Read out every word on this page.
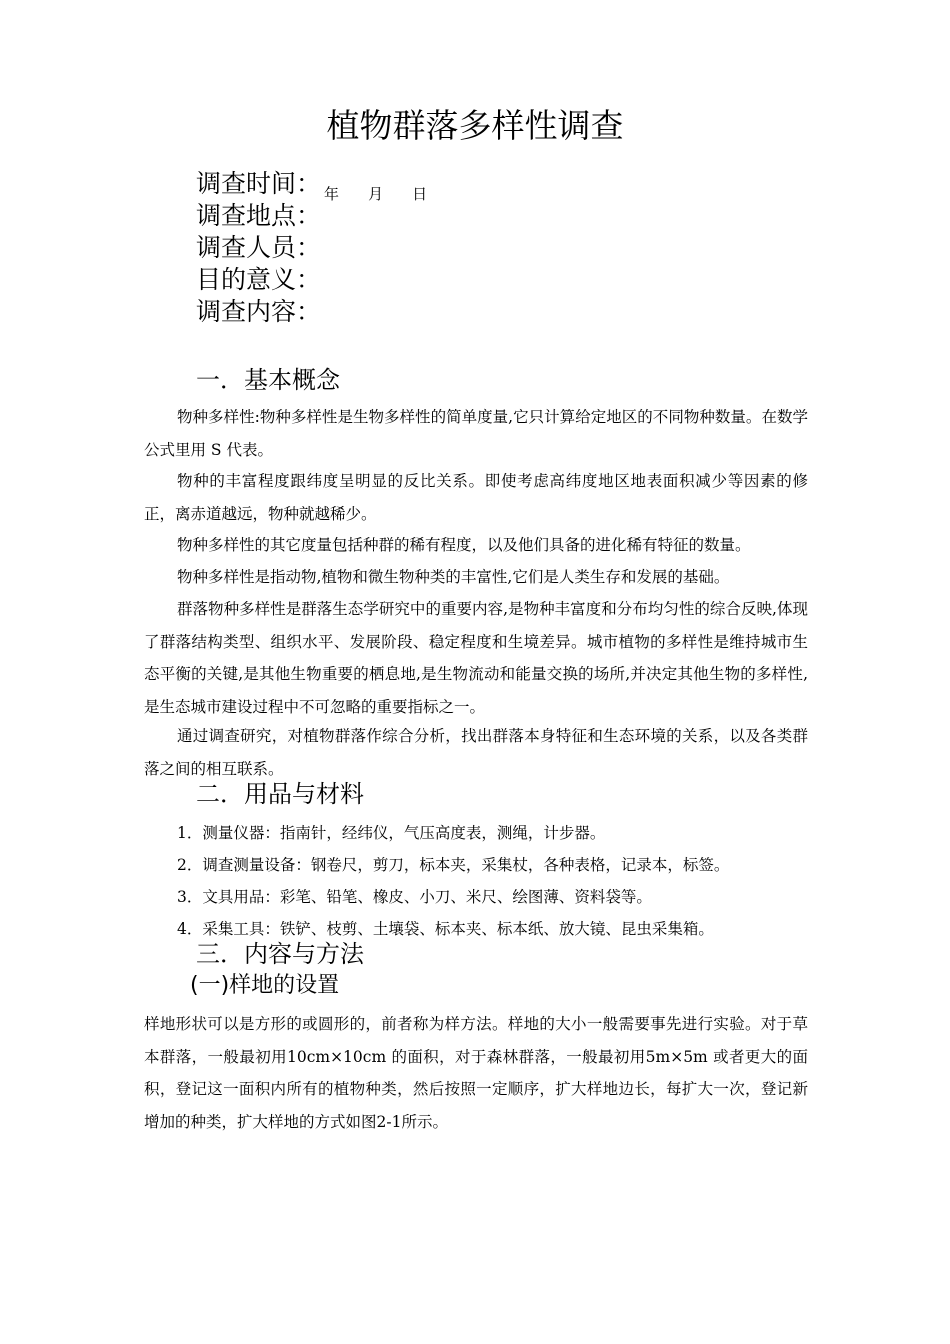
植物群落多样性调查
调查时间： 年    月    日
调查地点：
调查人员：
目的意义：
调查内容：
一．基本概念

物种多样性:物种多样性是生物多样性的简单度量,它只计算给定地区的不同物种数量。在数学公式里用 S 代表。

物种的丰富程度跟纬度呈明显的反比关系。即使考虑高纬度地区地表面积减少等因素的修正，离赤道越远，物种就越稀少。

物种多样性的其它度量包括种群的稀有程度，以及他们具备的进化稀有特征的数量。

物种多样性是指动物,植物和微生物种类的丰富性,它们是人类生存和发展的基础。

群落物种多样性是群落生态学研究中的重要内容,是物种丰富度和分布均匀性的综合反映,体现了群落结构类型、组织水平、发展阶段、稳定程度和生境差异。城市植物的多样性是维持城市生态平衡的关键,是其他生物重要的栖息地,是生物流动和能量交换的场所,并决定其他生物的多样性,是生态城市建设过程中不可忽略的重要指标之一。

通过调查研究，对植物群落作综合分析，找出群落本身特征和生态环境的关系，以及各类群落之间的相互联系。

二．用品与材料
1．测量仪器：指南针，经纬仪，气压高度表，测绳，计步器。
2．调查测量设备：钢卷尺，剪刀，标本夹，采集杖，各种表格，记录本，标签。
3．文具用品：彩笔、铅笔、橡皮、小刀、米尺、绘图薄、资料袋等。
4．采集工具：铁铲、枝剪、土壤袋、标本夹、标本纸、放大镜、昆虫采集箱。
三．内容与方法
(一)样地的设置

样地形状可以是方形的或圆形的，前者称为样方法。样地的大小一般需要事先进行实验。对于草本群落，一般最初用10cm×10cm 的面积，对于森林群落，一般最初用5m×5m 或者更大的面积，登记这一面积内所有的植物种类，然后按照一定顺序，扩大样地边长，每扩大一次，登记新增加的种类，扩大样地的方式如图2-1所示。
